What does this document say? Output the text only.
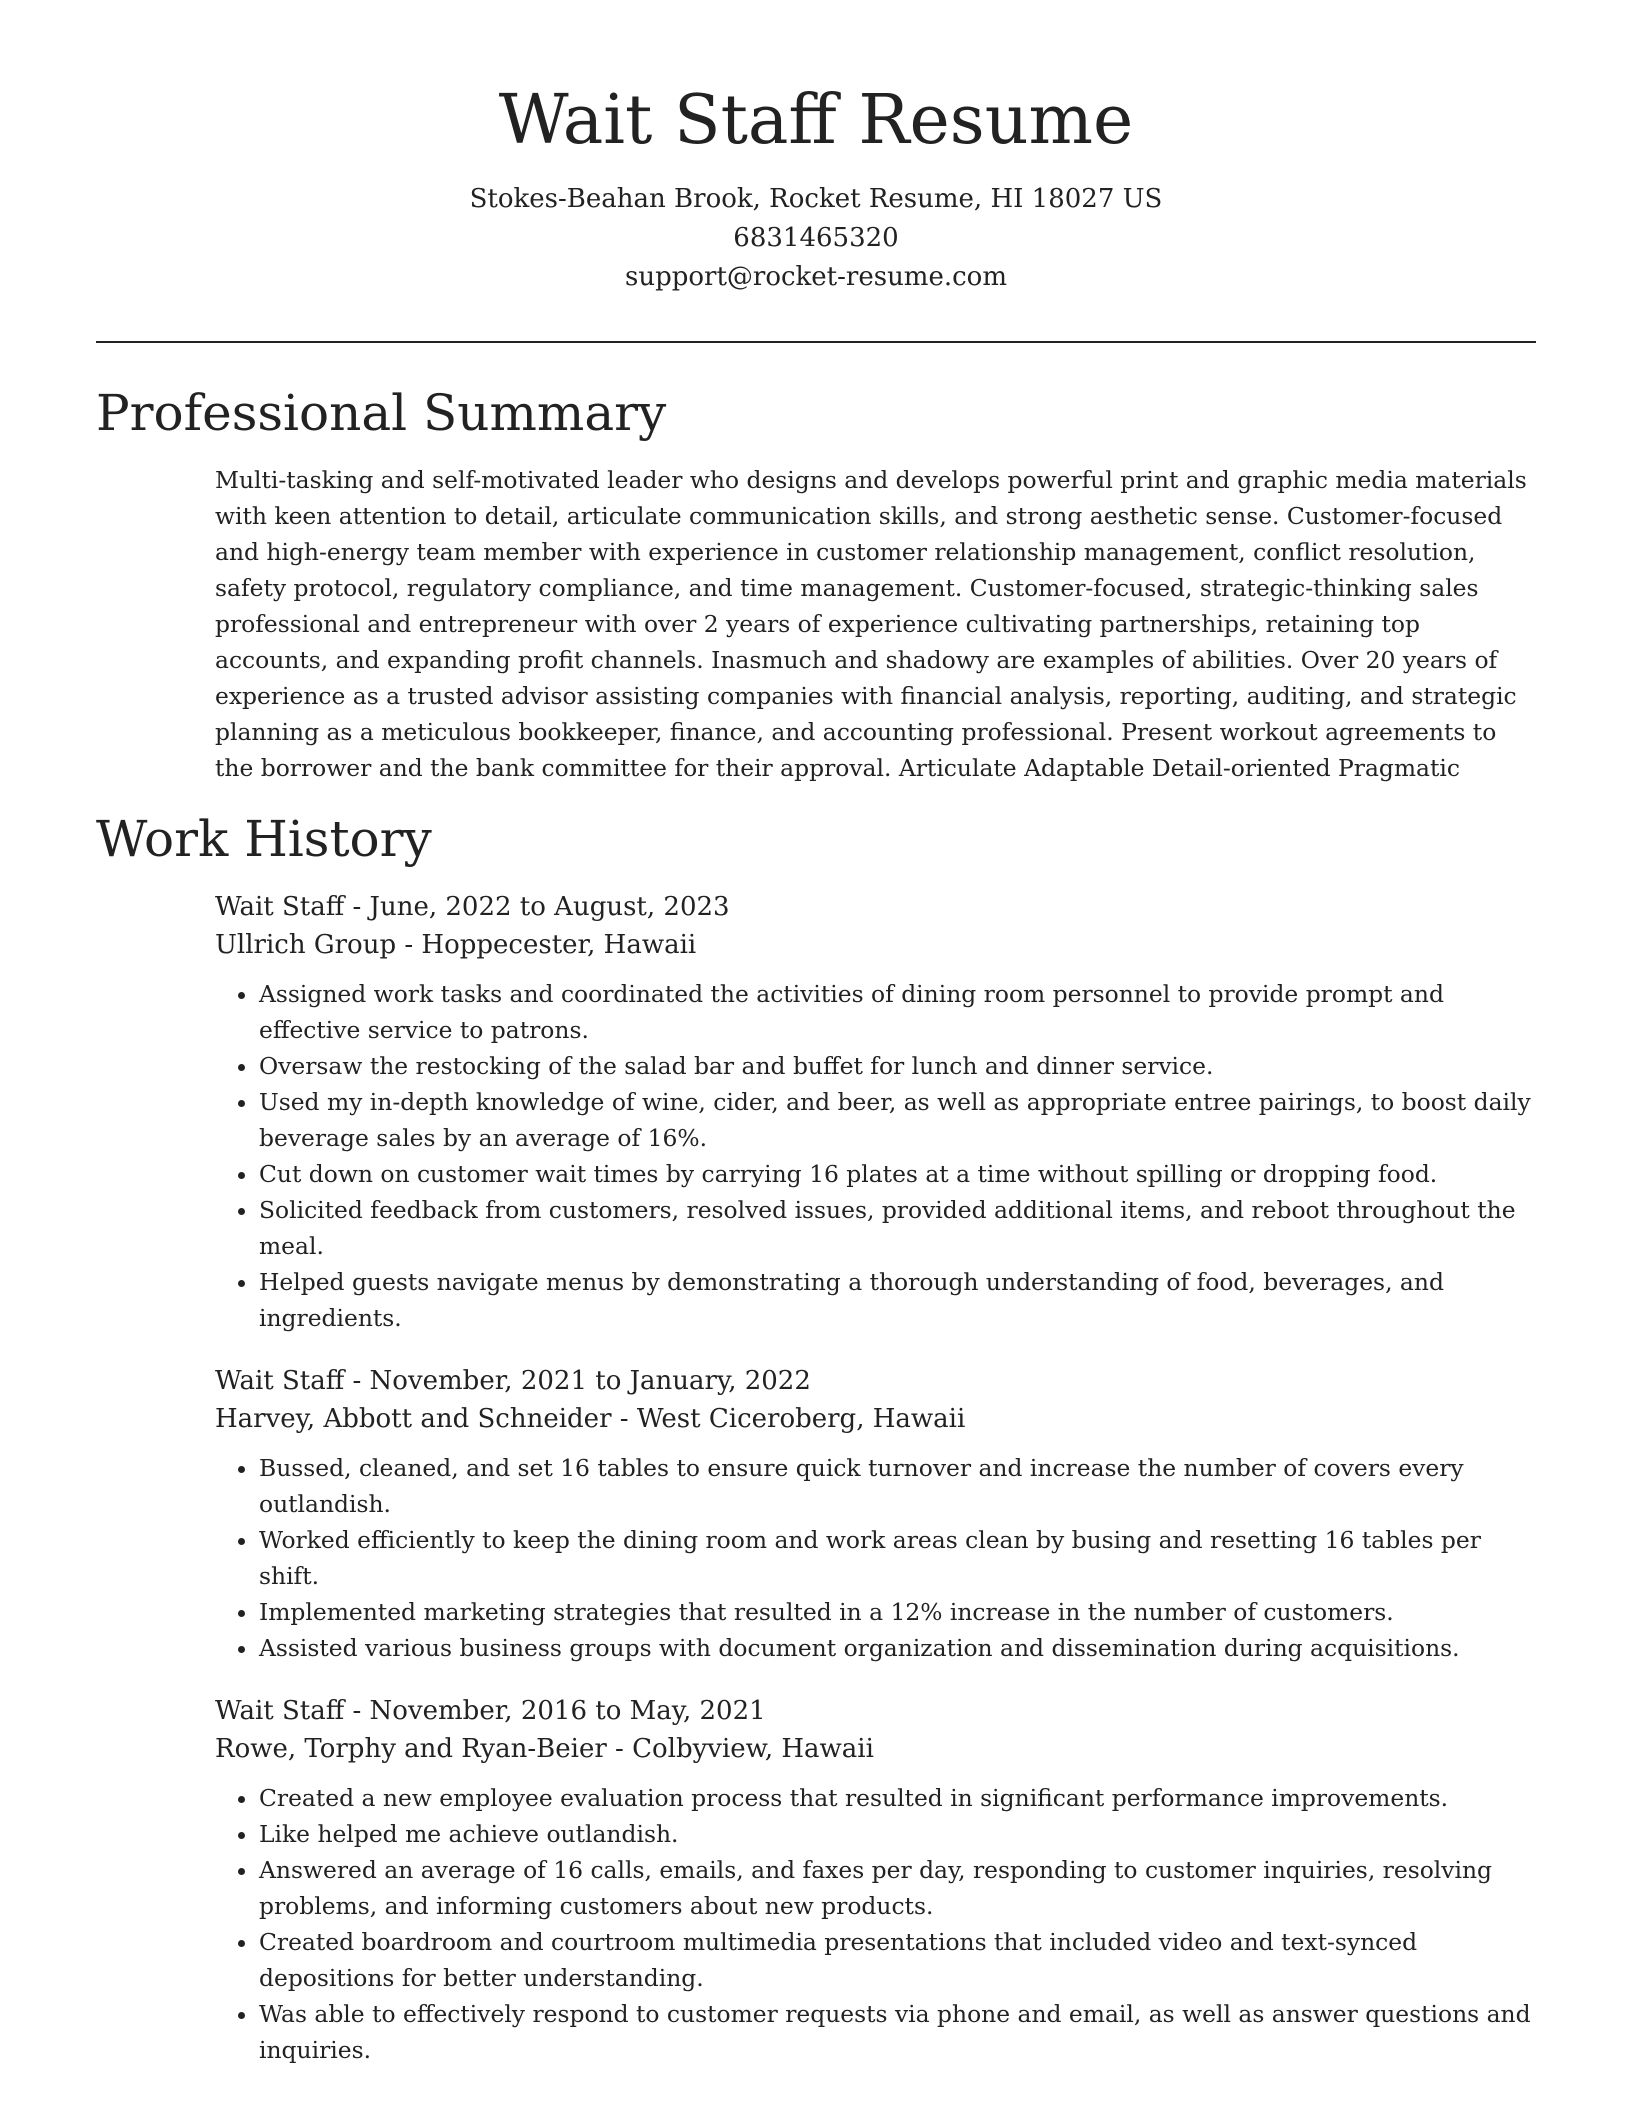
Wait Staff Resume

Stokes-Beahan Brook, Rocket Resume, HI 18027 US

6831465320

support@rocket-resume.com

Professional Summary

Multi-tasking and self-motivated leader who designs and develops powerful print and graphic media materials with keen attention to detail, articulate communication skills, and strong aesthetic sense. Customer-focused and high-energy team member with experience in customer relationship management, conflict resolution, safety protocol, regulatory compliance, and time management. Customer-focused, strategic-thinking sales professional and entrepreneur with over 2 years of experience cultivating partnerships, retaining top accounts, and expanding profit channels. Inasmuch and shadowy are examples of abilities. Over 20 years of experience as a trusted advisor assisting companies with financial analysis, reporting, auditing, and strategic planning as a meticulous bookkeeper, finance, and accounting professional. Present workout agreements to the borrower and the bank committee for their approval. Articulate Adaptable Detail-oriented Pragmatic

Work History

Wait Staff - June, 2022 to August, 2023

Ullrich Group - Hoppecester, Hawaii

• Assigned work tasks and coordinated the activities of dining room personnel to provide prompt and effective service to patrons.
• Oversaw the restocking of the salad bar and buffet for lunch and dinner service.
• Used my in-depth knowledge of wine, cider, and beer, as well as appropriate entree pairings, to boost daily beverage sales by an average of 16%.
• Cut down on customer wait times by carrying 16 plates at a time without spilling or dropping food.
• Solicited feedback from customers, resolved issues, provided additional items, and reboot throughout the meal.
• Helped guests navigate menus by demonstrating a thorough understanding of food, beverages, and ingredients.

Wait Staff - November, 2021 to January, 2022

Harvey, Abbott and Schneider - West Ciceroberg, Hawaii

• Bussed, cleaned, and set 16 tables to ensure quick turnover and increase the number of covers every outlandish.
• Worked efficiently to keep the dining room and work areas clean by busing and resetting 16 tables per shift.
• Implemented marketing strategies that resulted in a 12% increase in the number of customers.
• Assisted various business groups with document organization and dissemination during acquisitions.

Wait Staff - November, 2016 to May, 2021

Rowe, Torphy and Ryan-Beier - Colbyview, Hawaii

• Created a new employee evaluation process that resulted in significant performance improvements.
• Like helped me achieve outlandish.
• Answered an average of 16 calls, emails, and faxes per day, responding to customer inquiries, resolving problems, and informing customers about new products.
• Created boardroom and courtroom multimedia presentations that included video and text-synced depositions for better understanding.
• Was able to effectively respond to customer requests via phone and email, as well as answer questions and inquiries.
